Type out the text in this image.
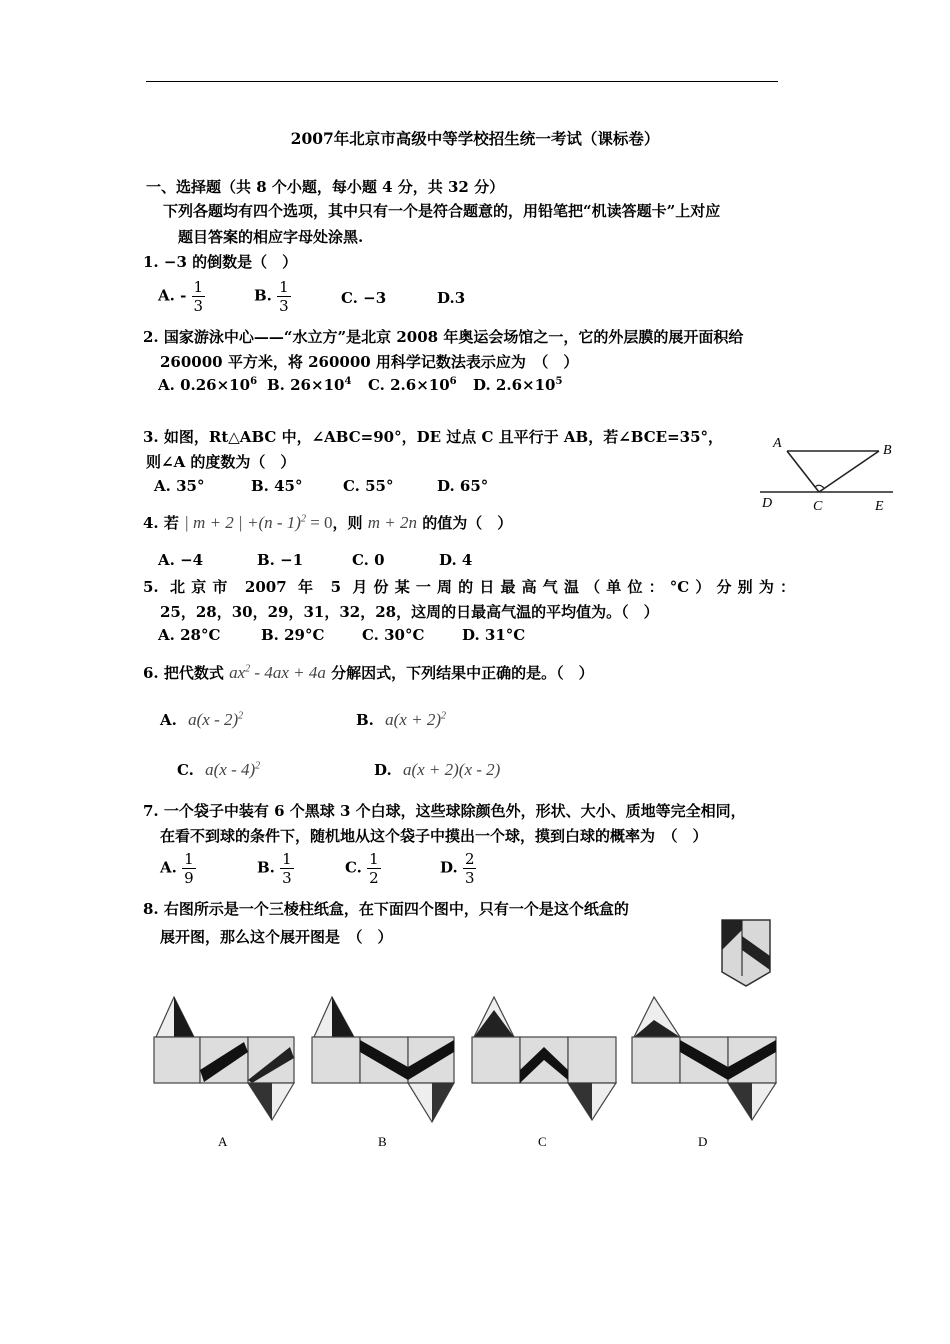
2007年北京市高级中等学校招生统一考试（课标卷）
一、选择题（共 8 个小题，每小题 4 分，共 32 分）
下列各题均有四个选项，其中只有一个是符合题意的，用铅笔把“机读答题卡”上对应
题目答案的相应字母处涂黑.
1. −3 的倒数是（　）
A. - $\frac{1}{3}$	B. $\frac{1}{3}$	C. −3	D.3
2. 国家游泳中心——“水立方”是北京 2008 年奥运会场馆之一，它的外层膜的展开面积给
260000 平方米，将 260000 用科学记数法表示应为　（　）
A. $0.26\times 10^6$ B. $26\times 10^4$ C. $2.6\times 10^6$ D. $2.6\times 10^5$
3. 如图，Rt△ABC 中，∠ABC=90°，DE 过点 C 且平行于 AB，若∠BCE=35°，
则∠A 的度数为（　）
A. 35°	B. 45°	C. 55°	D. 65°
A	B
C
D	E
4. 若 | m + 2 | +(n - 1)$^2$ = 0，则 m + 2n 的值为（　）
A. −4	B. −1	C. 0	D. 4
5. 北京市 2007 年 5 月份某一周的日最高气温（单位：°C）分别为：
25，28，30，29，31，32，28，这周的日最高气温的平均值为。（　）
A. 28°C	B. 29°C	C. 30°C	D. 31°C
6. 把代数式 $ax^2 - 4ax + 4a$ 分解因式，下列结果中正确的是。（　）
A. a(x - 2)$^2$	B. $a(x + 2)^2$
C. a(x - 4)$^2$	D. a(x + 2)(x - 2)
7. 一个袋子中装有 6 个黑球 3 个白球，这些球除颜色外，形状、大小、质地等完全相同，
在看不到球的条件下，随机地从这个袋子中摸出一个球，摸到白球的概率为　（　）
A. $\frac{1}{9}$	B. $\frac{1}{3}$	C. $\frac{1}{2}$	D. $\frac{2}{3}$
8. 右图所示是一个三棱柱纸盒，在下面四个图中，只有一个是这个纸盒的
展开图，那么这个展开图是　（　）
A	B	C	D
